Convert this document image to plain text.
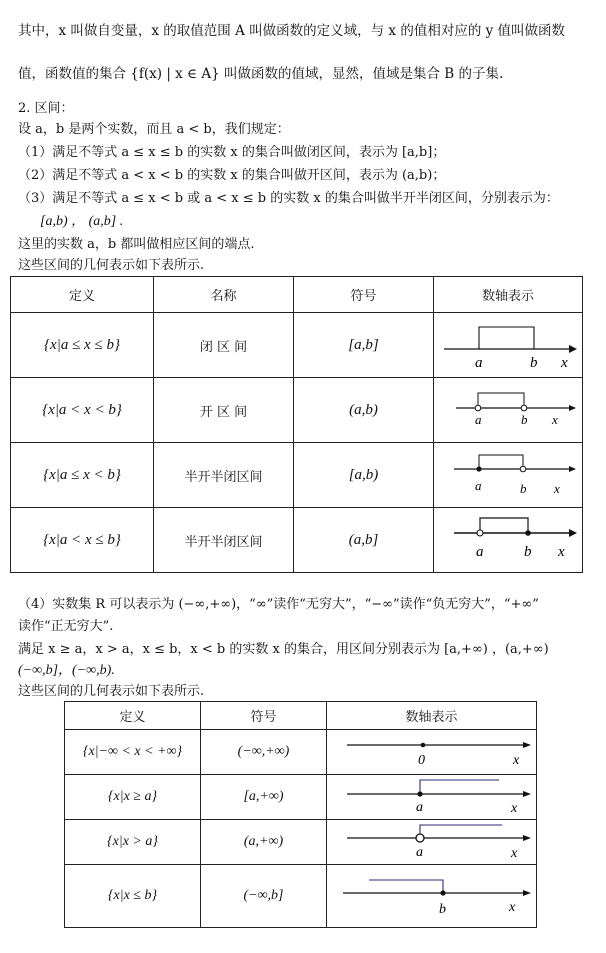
其中，x 叫做自变量，x 的取值范围 A 叫做函数的定义域，与 x 的值相对应的 y 值叫做函数
值，函数值的集合 {f(x) | x ∈ A} 叫做函数的值域，显然，值域是集合 B 的子集.
2. 区间：
设 a，b 是两个实数，而且 a < b，我们规定：
（1）满足不等式 a ≤ x ≤ b 的实数 x 的集合叫做闭区间，表示为 [a,b]；
（2）满足不等式 a < x < b 的实数 x 的集合叫做开区间，表示为 (a,b)；
（3）满足不等式 a ≤ x < b 或 a < x ≤ b 的实数 x 的集合叫做半开半闭区间，分别表示为：
[a,b) ， (a,b] .
这里的实数 a，b 都叫做相应区间的端点.
这些区间的几何表示如下表所示.
定义	名称	符号	数轴表示
{x|a ≤ x ≤ b}	闭 区 间	[a,b]	a b x

{x|a < x < b}	开 区 间	(a,b)	a b x

{x|a ≤ x < b}	半开半闭区间	[a,b)	a b x

{x|a < x ≤ b}	半开半闭区间	(a,b]	a b x
（4）实数集 R 可以表示为 (−∞,+∞)，“∞”读作“无穷大”，“−∞”读作“负无穷大”，“+∞”
读作“正无穷大”.
满足 x ≥ a，x > a，x ≤ b，x < b 的实数 x 的集合，用区间分别表示为 [a,+∞) ，(a,+∞)
(−∞,b]，(−∞,b).
这些区间的几何表示如下表所示.
定义	符号	数轴表示
{x|−∞ < x < +∞}	(−∞,+∞)	0 x

{x|x ≥ a}	[a,+∞)	a x

{x|x > a}	(a,+∞)	a x

{x|x ≤ b}	(−∞,b]	b x
